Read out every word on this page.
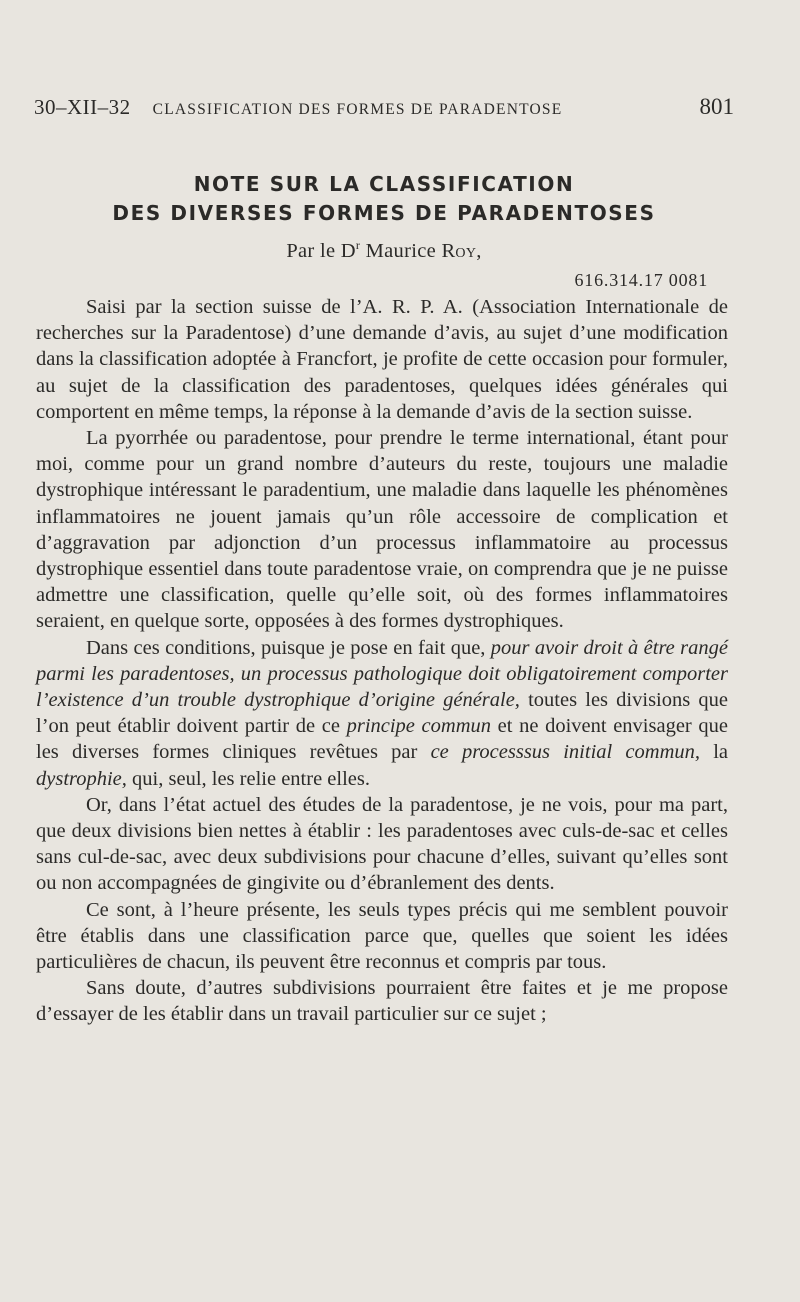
30–XII–32	CLASSIFICATION DES FORMES DE PARADENTOSE	801
NOTE SUR LA CLASSIFICATION
DES DIVERSES FORMES DE PARADENTOSES
Par le $D^r$ Maurice Roy,
616.314.17 0081

Saisi par la section suisse de l’A. R. P. A. (Association Internationale de recherches sur la Paradentose) d’une demande d’avis, au sujet d’une modification dans la classification adoptée à Francfort, je profite de cette occasion pour formuler, au sujet de la classification des paradentoses, quelques idées générales qui comportent en même temps, la réponse à la demande d’avis de la section suisse.

La pyorrhée ou paradentose, pour prendre le terme international, étant pour moi, comme pour un grand nombre d’auteurs du reste, toujours une maladie dystrophique intéressant le paradentium, une maladie dans laquelle les phénomènes inflammatoires ne jouent jamais qu’un rôle accessoire de complication et d’aggravation par adjonction d’un processus inflammatoire au processus dystrophique essentiel dans toute paradentose vraie, on comprendra que je ne puisse admettre une classification, quelle qu’elle soit, où des formes inflammatoires seraient, en quelque sorte, opposées à des formes dystrophiques.

Dans ces conditions, puisque je pose en fait que, pour avoir droit à être rangé parmi les paradentoses, un processus pathologique doit obligatoirement comporter l’existence d’un trouble dystrophique d’origine générale, toutes les divisions que l’on peut établir doivent partir de ce principe commun et ne doivent envisager que les diverses formes cliniques revêtues par ce processsus initial commun, la dystrophie, qui, seul, les relie entre elles.

Or, dans l’état actuel des études de la paradentose, je ne vois, pour ma part, que deux divisions bien nettes à établir : les paradentoses avec culs-de-sac et celles sans cul-de-sac, avec deux subdivisions pour chacune d’elles, suivant qu’elles sont ou non accompagnées de gingivite ou d’ébranlement des dents.

Ce sont, à l’heure présente, les seuls types précis qui me semblent pouvoir être établis dans une classification parce que, quelles que soient les idées particulières de chacun, ils peuvent être reconnus et compris par tous.

Sans doute, d’autres subdivisions pourraient être faites et je me propose d’essayer de les établir dans un travail particulier sur ce sujet ;
